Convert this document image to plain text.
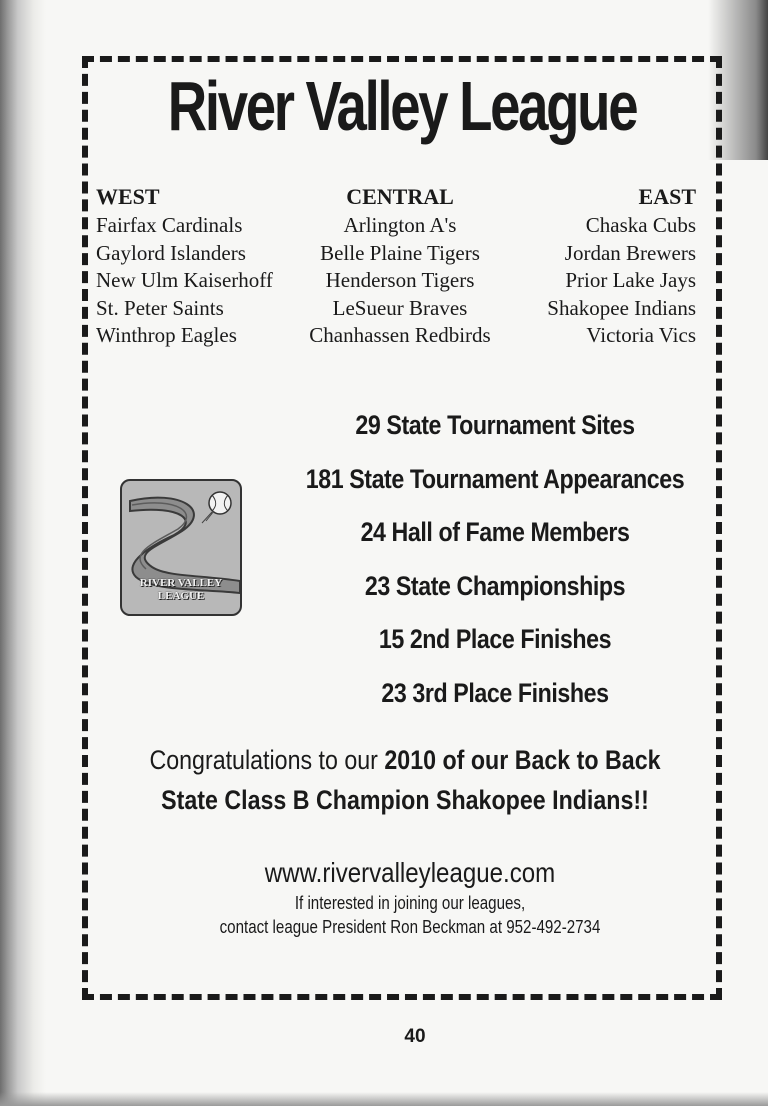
River Valley League
WEST
Fairfax Cardinals
Gaylord Islanders
New Ulm Kaiserhoff
St. Peter Saints
Winthrop Eagles
CENTRAL
Arlington A's
Belle Plaine Tigers
Henderson Tigers
LeSueur Braves
Chanhassen Redbirds
EAST
Chaska Cubs
Jordan Brewers
Prior Lake Jays
Shakopee Indians
Victoria Vics
RIVER VALLEY
LEAGUE
29 State Tournament Sites
181 State Tournament Appearances
24 Hall of Fame Members
23 State Championships
15 2nd Place Finishes
23 3rd Place Finishes
Congratulations to our 2010 of our Back to Back
State Class B Champion Shakopee Indians!!
www.rivervalleyleague.com
If interested in joining our leagues,
contact league President Ron Beckman at 952-492-2734
40
